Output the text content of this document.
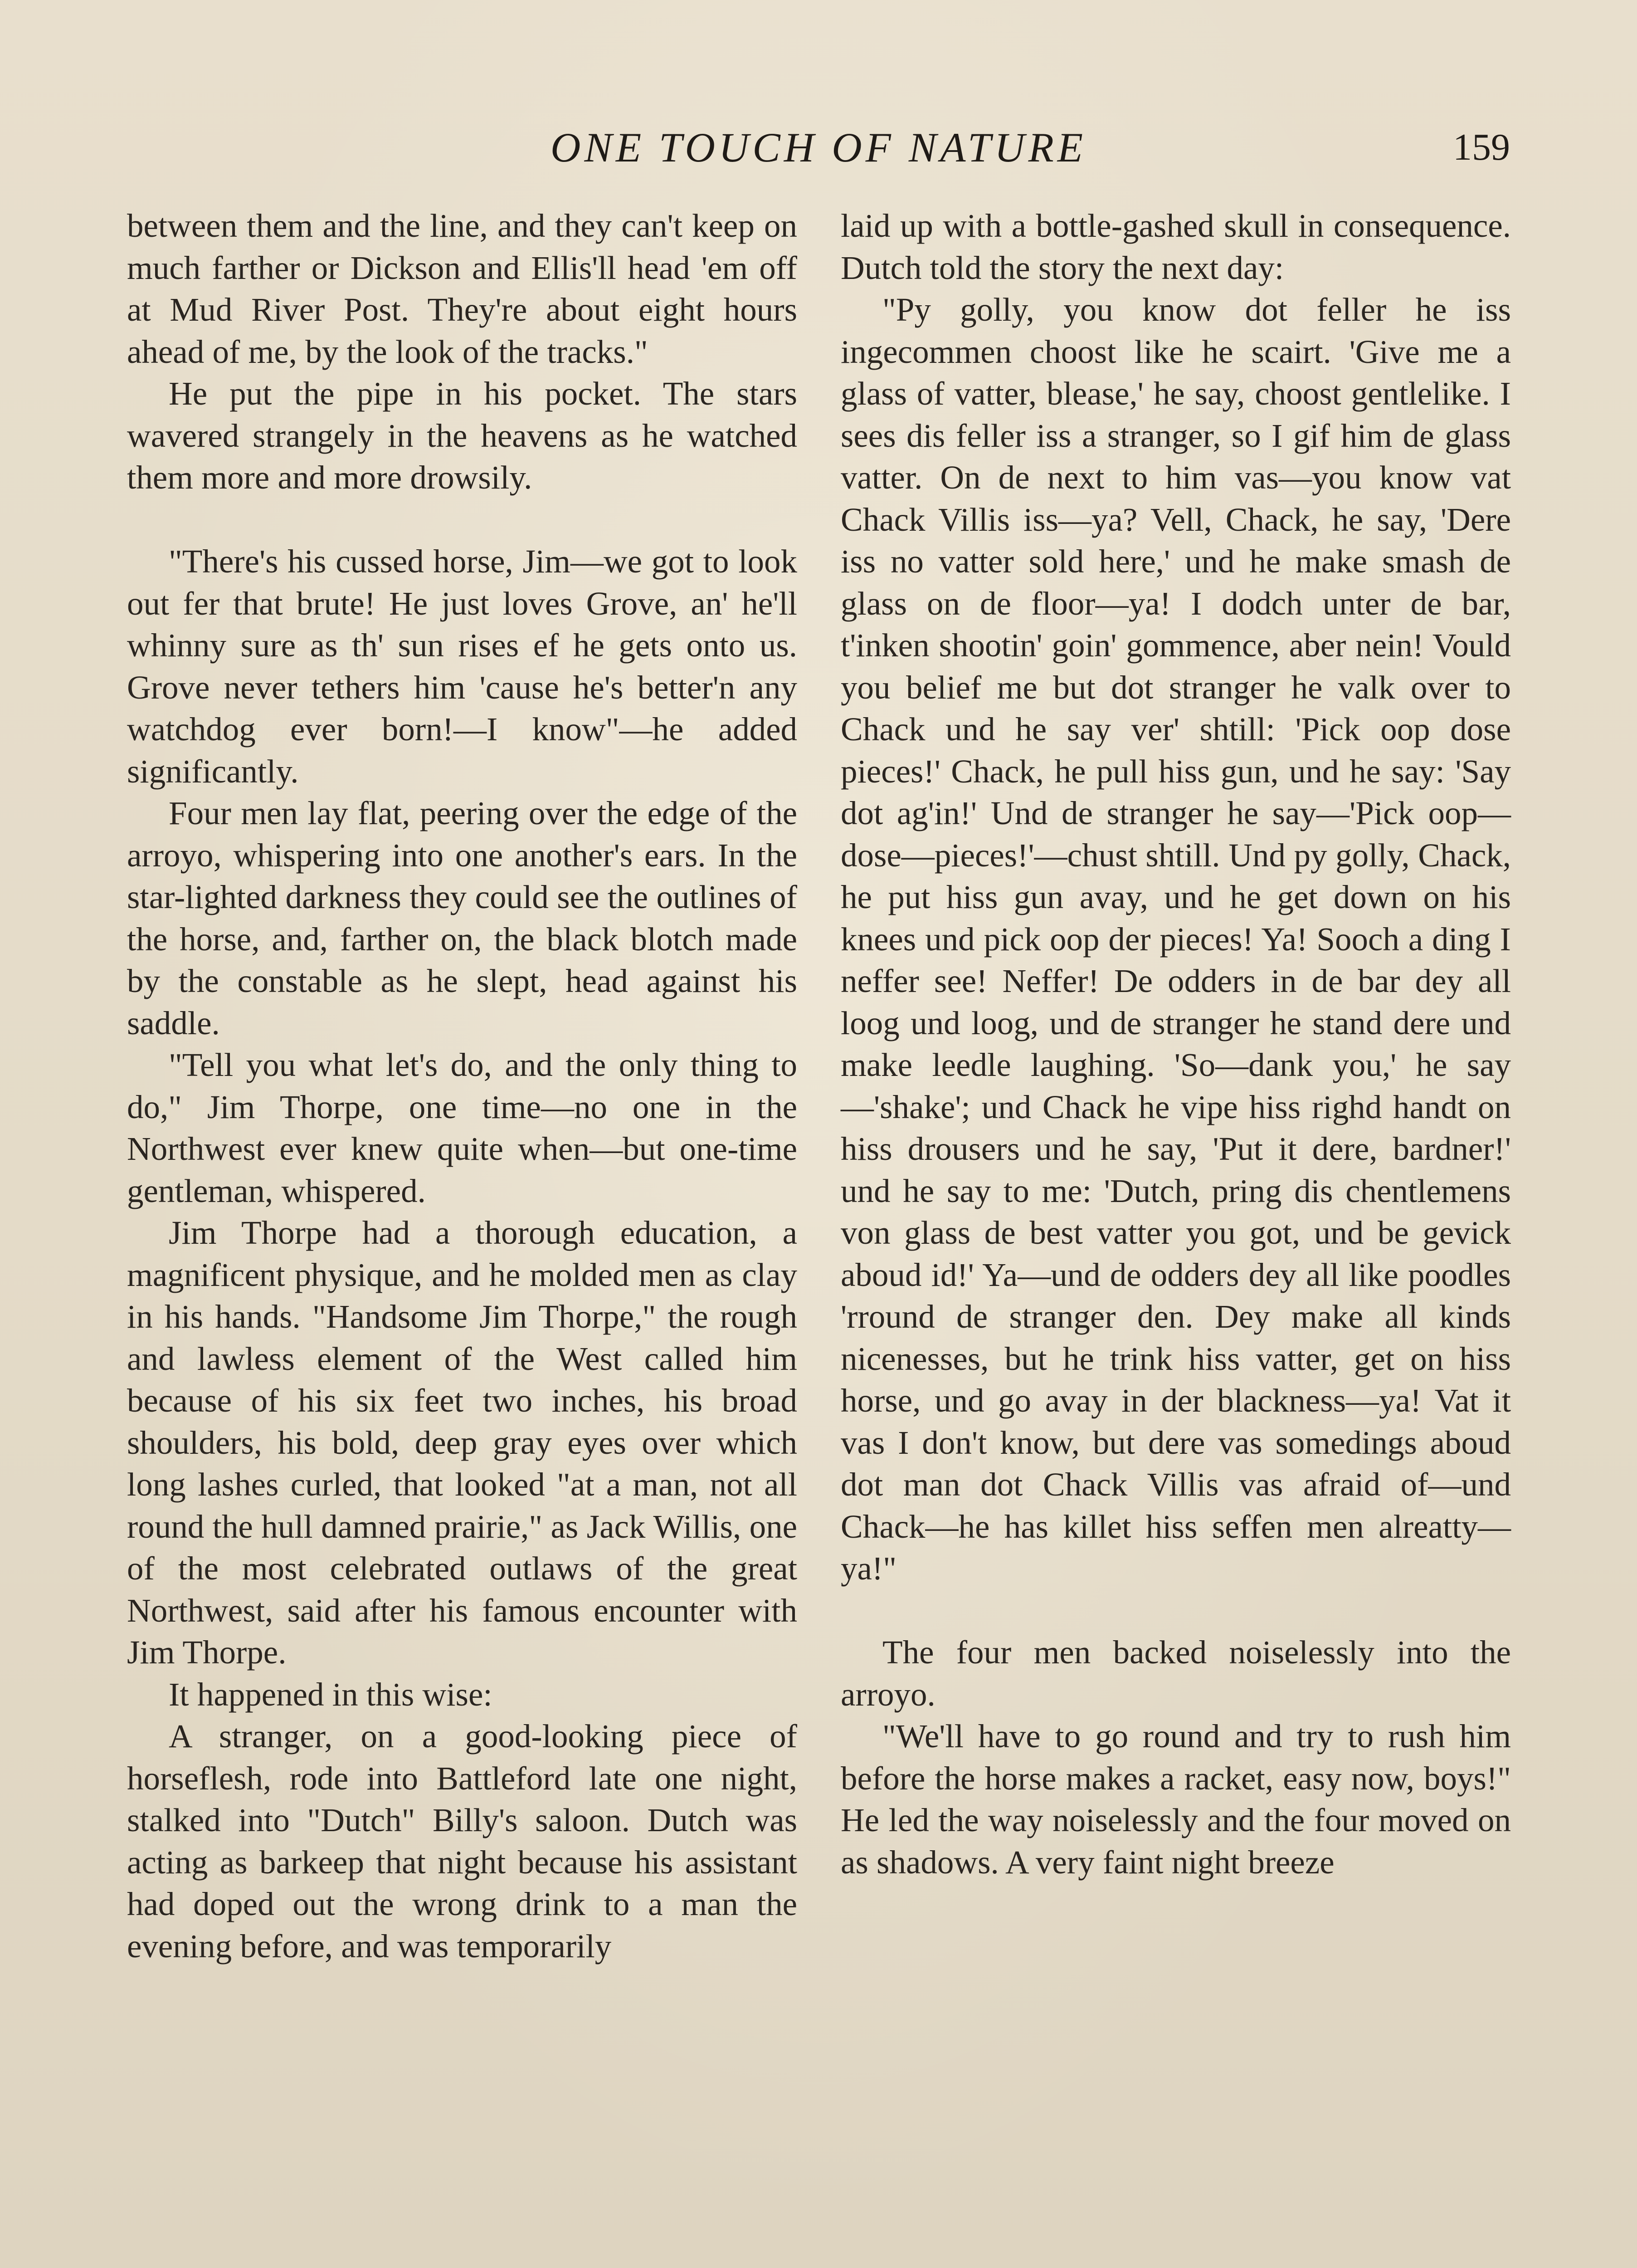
ONE TOUCH OF NATURE	159

between them and the line, and they can't keep on much farther or Dickson and Ellis'll head 'em off at Mud River Post. They're about eight hours ahead of me, by the look of the tracks."

He put the pipe in his pocket. The stars wavered strangely in the heavens as he watched them more and more drowsily.

"There's his cussed horse, Jim—we got to look out fer that brute! He just loves Grove, an' he'll whinny sure as th' sun rises ef he gets onto us. Grove never tethers him 'cause he's better'n any watchdog ever born!—I know"—he added significantly.

Four men lay flat, peering over the edge of the arroyo, whispering into one another's ears. In the star-lighted darkness they could see the outlines of the horse, and, farther on, the black blotch made by the constable as he slept, head against his saddle.

"Tell you what let's do, and the only thing to do," Jim Thorpe, one time—no one in the Northwest ever knew quite when—but one-time gentleman, whispered.

Jim Thorpe had a thorough education, a magnificent physique, and he molded men as clay in his hands. "Handsome Jim Thorpe," the rough and lawless element of the West called him because of his six feet two inches, his broad shoulders, his bold, deep gray eyes over which long lashes curled, that looked "at a man, not all round the hull damned prairie," as Jack Willis, one of the most celebrated outlaws of the great Northwest, said after his famous encounter with Jim Thorpe.

It happened in this wise:

A stranger, on a good-looking piece of horseflesh, rode into Battleford late one night, stalked into "Dutch" Billy's saloon. Dutch was acting as barkeep that night because his assistant had doped out the wrong drink to a man the evening before, and was temporarily

laid up with a bottle-gashed skull in consequence. Dutch told the story the next day:

"Py golly, you know dot feller he iss ingecommen choost like he scairt. 'Give me a glass of vatter, blease,' he say, choost gentlelike. I sees dis feller iss a stranger, so I gif him de glass vatter. On de next to him vas—you know vat Chack Villis iss—ya? Vell, Chack, he say, 'Dere iss no vatter sold here,' und he make smash de glass on de floor—ya! I dodch unter de bar, t'inken shootin' goin' gommence, aber nein! Vould you belief me but dot stranger he valk over to Chack und he say ver' shtill: 'Pick oop dose pieces!' Chack, he pull hiss gun, und he say: 'Say dot ag'in!' Und de stranger he say—'Pick oop—dose—pieces!'—chust shtill. Und py golly, Chack, he put hiss gun avay, und he get down on his knees und pick oop der pieces! Ya! Sooch a ding I neffer see! Neffer! De odders in de bar dey all loog und loog, und de stranger he stand dere und make leedle laughing. 'So—dank you,' he say—'shake'; und Chack he vipe hiss righd handt on hiss drousers und he say, 'Put it dere, bardner!' und he say to me: 'Dutch, pring dis chentlemens von glass de best vatter you got, und be gevick aboud id!' Ya—und de odders dey all like poodles 'rround de stranger den. Dey make all kinds nicenesses, but he trink hiss vatter, get on hiss horse, und go avay in der blackness—ya! Vat it vas I don't know, but dere vas somedings aboud dot man dot Chack Villis vas afraid of—und Chack—he has killet hiss seffen men alreatty—ya!"

The four men backed noiselessly into the arroyo.

"We'll have to go round and try to rush him before the horse makes a racket, easy now, boys!" He led the way noiselessly and the four moved on as shadows. A very faint night breeze
